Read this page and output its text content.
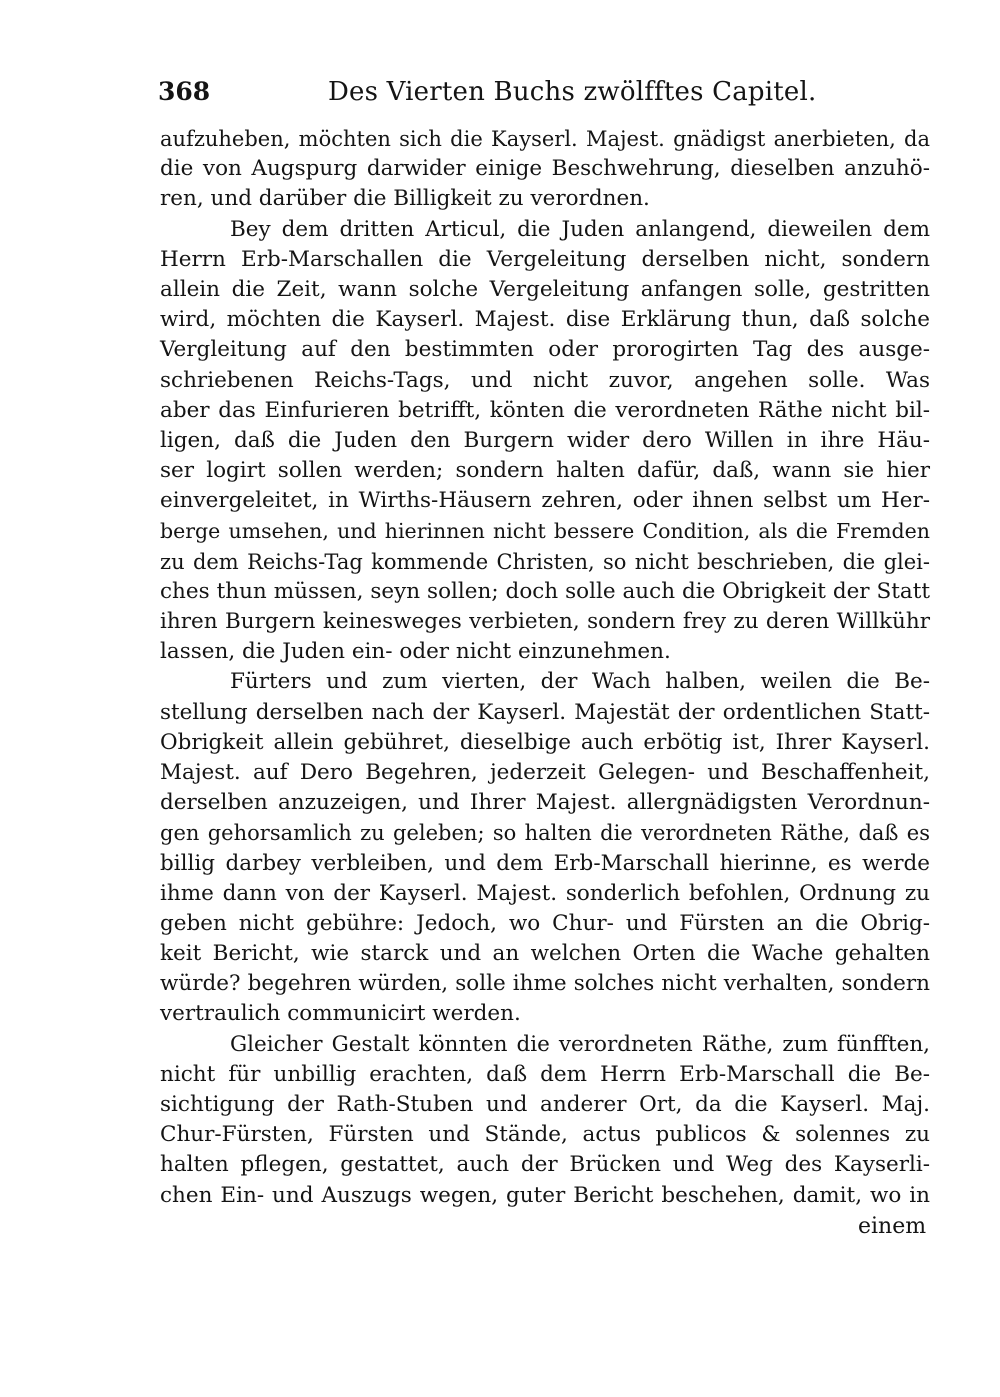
368	Des Vierten Buchs zwölfftes Capitel.
aufzuheben, möchten sich die Kayserl. Majest. gnädigst anerbieten, da
die von Augspurg darwider einige Beschwehrung, dieselben anzuhö-
ren, und darüber die Billigkeit zu verordnen.
Bey dem dritten Articul, die Juden anlangend, dieweilen dem
Herrn Erb-Marschallen die Vergeleitung derselben nicht, sondern
allein die Zeit, wann solche Vergeleitung anfangen solle, gestritten
wird, möchten die Kayserl. Majest. dise Erklärung thun, daß solche
Vergleitung auf den bestimmten oder prorogirten Tag des ausge-
schriebenen Reichs-Tags, und nicht zuvor, angehen solle. Was
aber das Einfurieren betrifft, könten die verordneten Räthe nicht bil-
ligen, daß die Juden den Burgern wider dero Willen in ihre Häu-
ser logirt sollen werden; sondern halten dafür, daß, wann sie hier
einvergeleitet, in Wirths-Häusern zehren, oder ihnen selbst um Her-
berge umsehen, und hierinnen nicht bessere Condition, als die Fremden
zu dem Reichs-Tag kommende Christen, so nicht beschrieben, die glei-
ches thun müssen, seyn sollen; doch solle auch die Obrigkeit der Statt
ihren Burgern keinesweges verbieten, sondern frey zu deren Willkühr
lassen, die Juden ein- oder nicht einzunehmen.
Fürters und zum vierten, der Wach halben, weilen die Be-
stellung derselben nach der Kayserl. Majestät der ordentlichen Statt-
Obrigkeit allein gebühret, dieselbige auch erbötig ist, Ihrer Kayserl.
Majest. auf Dero Begehren, jederzeit Gelegen- und Beschaffenheit,
derselben anzuzeigen, und Ihrer Majest. allergnädigsten Verordnun-
gen gehorsamlich zu geleben; so halten die verordneten Räthe, daß es
billig darbey verbleiben, und dem Erb-Marschall hierinne, es werde
ihme dann von der Kayserl. Majest. sonderlich befohlen, Ordnung zu
geben nicht gebühre: Jedoch, wo Chur- und Fürsten an die Obrig-
keit Bericht, wie starck und an welchen Orten die Wache gehalten
würde? begehren würden, solle ihme solches nicht verhalten, sondern
vertraulich communicirt werden.
Gleicher Gestalt könnten die verordneten Räthe, zum fünfften,
nicht für unbillig erachten, daß dem Herrn Erb-Marschall die Be-
sichtigung der Rath-Stuben und anderer Ort, da die Kayserl. Maj.
Chur-Fürsten, Fürsten und Stände, actus publicos & solennes zu
halten pflegen, gestattet, auch der Brücken und Weg des Kayserli-
chen Ein- und Auszugs wegen, guter Bericht beschehen, damit, wo in
einem
